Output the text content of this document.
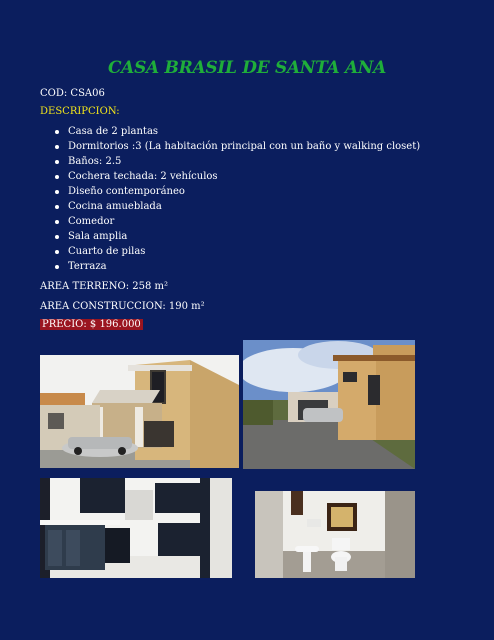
CASA BRASIL DE SANTA ANA
COD: CSA06
DESCRIPCION:
Casa de 2 plantas
Dormitorios :3 (La habitación principal con un baño y walking closet)
Baños: 2.5
Cochera techada: 2 vehículos
Diseño contemporáneo
Cocina amueblada
Comedor
Sala amplia
Cuarto de pilas
Terraza
AREA TERRENO: 258 m²
AREA CONSTRUCCION: 190 m²
PRECIO: $ 196.000
